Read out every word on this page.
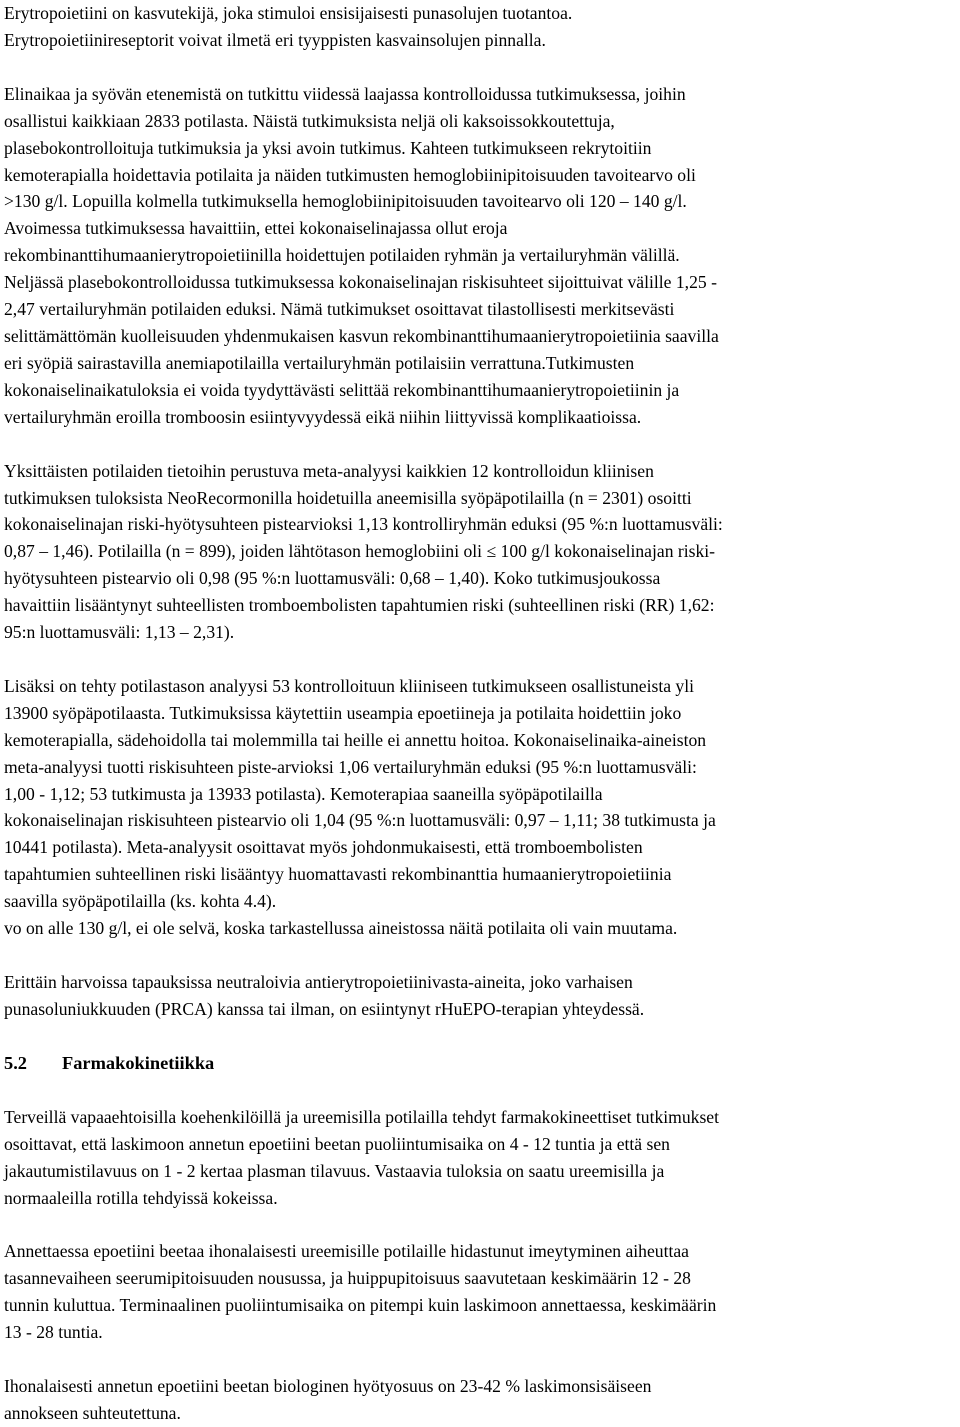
Erytropoietiini on kasvutekijä, joka stimuloi ensisijaisesti punasolujen tuotantoa.
Erytropoietiinireseptorit voivat ilmetä eri tyyppisten kasvainsolujen pinnalla.

Elinaikaa ja syövän etenemistä on tutkittu viidessä laajassa kontrolloidussa tutkimuksessa, joihin
osallistui kaikkiaan 2833 potilasta. Näistä tutkimuksista neljä oli kaksoissokkoutettuja,
plasebokontrolloituja tutkimuksia ja yksi avoin tutkimus. Kahteen tutkimukseen rekrytoitiin
kemoterapialla hoidettavia potilaita ja näiden tutkimusten hemoglobiinipitoisuuden tavoitearvo oli
>130 g/l. Lopuilla kolmella tutkimuksella hemoglobiinipitoisuuden tavoitearvo oli 120 – 140 g/l.
Avoimessa tutkimuksessa havaittiin, ettei kokonaiselinajassa ollut eroja
rekombinanttihumaanierytropoietiinilla hoidettujen potilaiden ryhmän ja vertailuryhmän välillä.
Neljässä plasebokontrolloidussa tutkimuksessa kokonaiselinajan riskisuhteet sijoittuivat välille 1,25 -
2,47 vertailuryhmän potilaiden eduksi. Nämä tutkimukset osoittavat tilastollisesti merkitsevästi
selittämättömän kuolleisuuden yhdenmukaisen kasvun rekombinanttihumaanierytropoietiinia saavilla
eri syöpiä sairastavilla anemiapotilailla vertailuryhmän potilaisiin verrattuna.Tutkimusten
kokonaiselinaikatuloksia ei voida tyydyttävästi selittää rekombinanttihumaanierytropoietiinin ja
vertailuryhmän eroilla tromboosin esiintyvyydessä eikä niihin liittyvissä komplikaatioissa.

Yksittäisten potilaiden tietoihin perustuva meta-analyysi kaikkien 12 kontrolloidun kliinisen
tutkimuksen tuloksista NeoRecormonilla hoidetuilla aneemisilla syöpäpotilailla (n = 2301) osoitti
kokonaiselinajan riski-hyötysuhteen pistearvioksi 1,13 kontrolliryhmän eduksi (95 %:n luottamusväli:
0,87 – 1,46). Potilailla (n = 899), joiden lähtötason hemoglobiini oli ≤ 100 g/l kokonaiselinajan riski-
hyötysuhteen pistearvio oli 0,98 (95 %:n luottamusväli: 0,68 – 1,40). Koko tutkimusjoukossa
havaittiin lisääntynyt suhteellisten tromboembolisten tapahtumien riski (suhteellinen riski (RR) 1,62:
95:n luottamusväli: 1,13 – 2,31).

Lisäksi on tehty potilastason analyysi 53 kontrolloituun kliiniseen tutkimukseen osallistuneista yli
13900 syöpäpotilaasta. Tutkimuksissa käytettiin useampia epoetiineja ja potilaita hoidettiin joko
kemoterapialla, sädehoidolla tai molemmilla tai heille ei annettu hoitoa. Kokonaiselinaika-aineiston
meta-analyysi tuotti riskisuhteen piste-arvioksi 1,06 vertailuryhmän eduksi (95 %:n luottamusväli:
1,00 - 1,12; 53 tutkimusta ja 13933 potilasta). Kemoterapiaa saaneilla syöpäpotilailla
kokonaiselinajan riskisuhteen pistearvio oli 1,04 (95 %:n luottamusväli: 0,97 – 1,11; 38 tutkimusta ja
10441 potilasta). Meta-analyysit osoittavat myös johdonmukaisesti, että tromboembolisten
tapahtumien suhteellinen riski lisääntyy huomattavasti rekombinanttia humaanierytropoietiinia
saavilla syöpäpotilailla (ks. kohta 4.4).
vo on alle 130 g/l, ei ole selvä, koska tarkastellussa aineistossa näitä potilaita oli vain muutama.

Erittäin harvoissa tapauksissa neutraloivia antierytropoietiinivasta-aineita, joko varhaisen
punasoluniukkuuden (PRCA) kanssa tai ilman, on esiintynyt rHuEPO-terapian yhteydessä.

5.2 Farmakokinetiikka

Terveillä vapaaehtoisilla koehenkilöillä ja ureemisilla potilailla tehdyt farmakokineettiset tutkimukset
osoittavat, että laskimoon annetun epoetiini beetan puoliintumisaika on 4 - 12 tuntia ja että sen
jakautumistilavuus on 1 - 2 kertaa plasman tilavuus. Vastaavia tuloksia on saatu ureemisilla ja
normaaleilla rotilla tehdyissä kokeissa.

Annettaessa epoetiini beetaa ihonalaisesti ureemisille potilaille hidastunut imeytyminen aiheuttaa
tasannevaiheen seerumipitoisuuden nousussa, ja huippupitoisuus saavutetaan keskimäärin 12 - 28
tunnin kuluttua. Terminaalinen puoliintumisaika on pitempi kuin laskimoon annettaessa, keskimäärin
13 - 28 tuntia.

Ihonalaisesti annetun epoetiini beetan biologinen hyötyosuus on 23-42 % laskimonsisäiseen
annokseen suhteutettuna.
